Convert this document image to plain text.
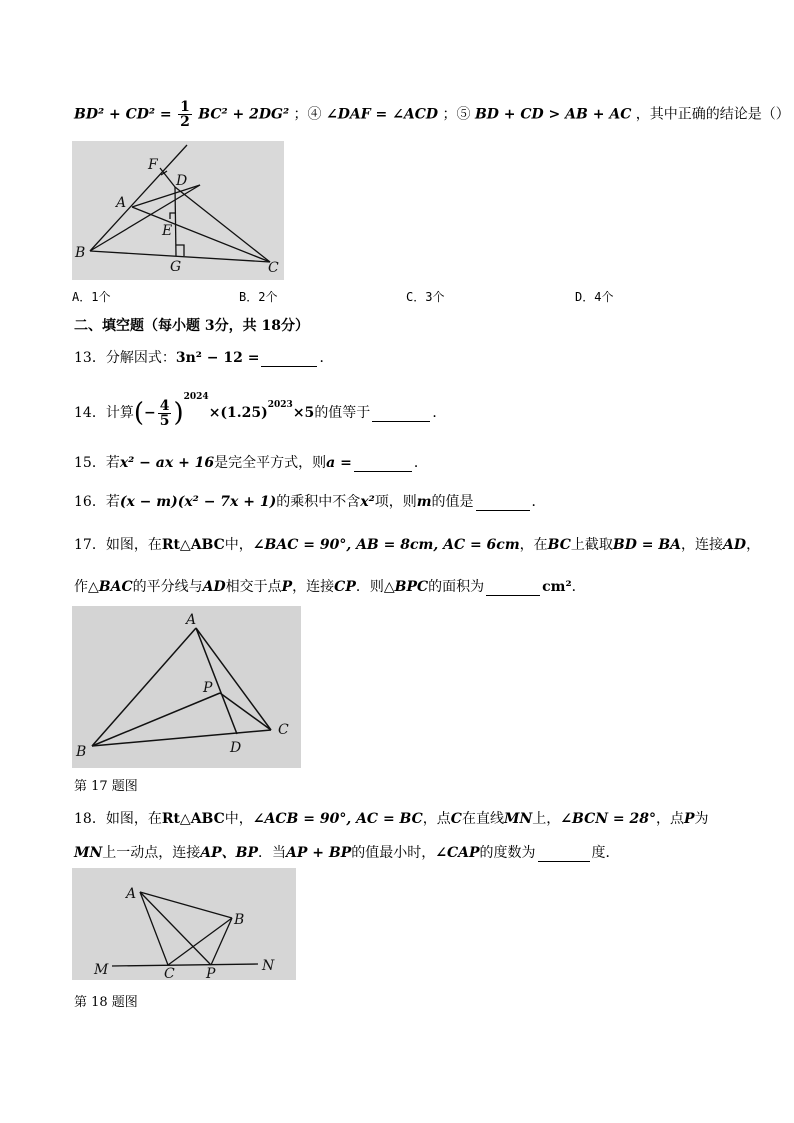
$BD^2 + CD^2 = \frac{1}{2} BC^2 + 2DG^2$ ；④ ∠DAF = ∠ACD ；⑤ BD + CD > AB + AC ，其中正确的结论是（）
F
D
A
E
B
G	C
A．1个	B．2个	C．3个	D．4个
二、填空题（每小题 3分，共 18分）
13．分解因式：3n² − 12 =	．
14．计算(− $\frac{4}{5} )^{2024}\times(1.25)^{2023}\times 5$的值等于	．
15．若x² − ax + 16是完全平方式，则a =	．
16．若(x − m)(x² − 7x + 1)的乘积中不含x²项，则m的值是	．
17．如图，在Rt△ABC中，∠BAC = 90°, AB = 8cm, AC = 6cm，在BC上截取BD = BA，连接AD，
作△BAC的平分线与AD相交于点P，连接CP．则△BPC的面积为	cm²．
A
P
B	D
C
第 17 题图
18．如图，在Rt△ABC中，∠ACB = 90°, AC = BC，点C在直线MN上，∠BCN = 28°，点P为
MN上一动点，连接AP、BP．当AP + BP的值最小时，∠CAP的度数为	度．
A
B
M	C P	N
第 18 题图
